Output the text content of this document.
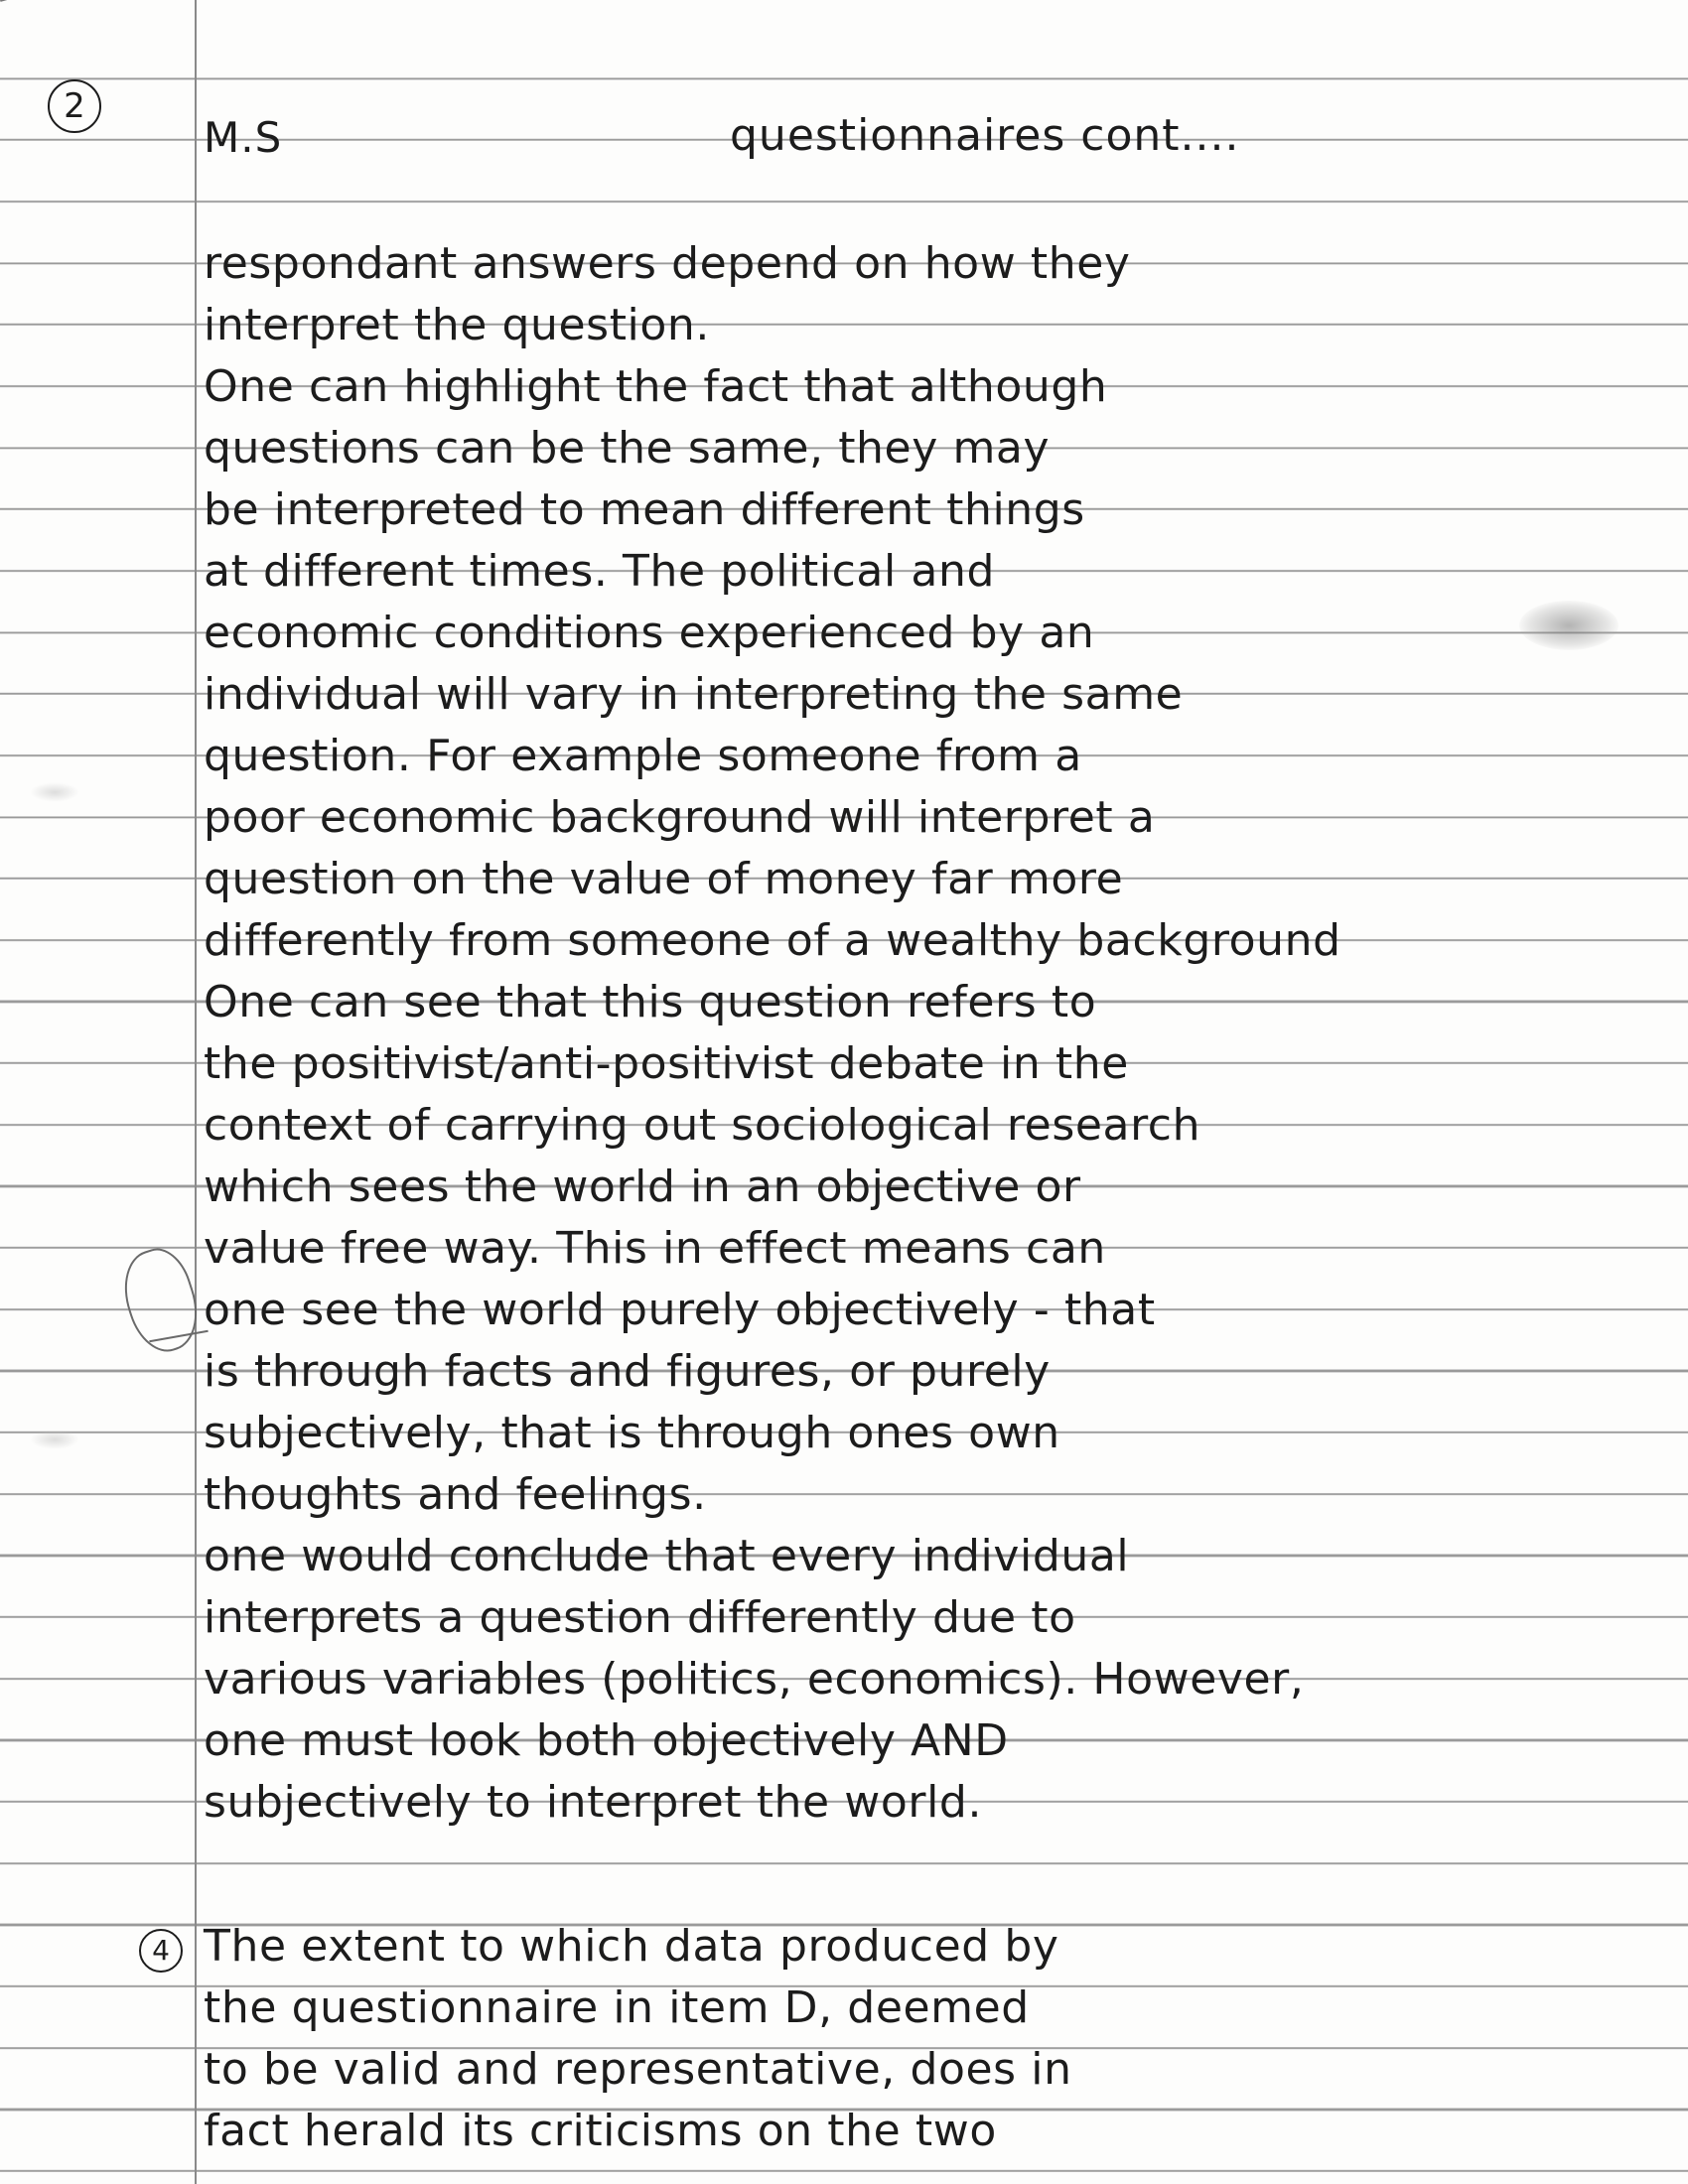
2
M.S	questionnaires cont....
respondant answers depend on how they
interpret the question.
One can highlight the fact that although
questions can be the same, they may
be interpreted to mean different things
at different times. The political and
economic conditions experienced by an
individual will vary in interpreting the same
question. For example someone from a
poor economic background will interpret a
question on the value of money far more
differently from someone of a wealthy background
One can see that this question refers to
the positivist/anti-positivist debate in the
context of carrying out sociological research
which sees the world in an objective or
value free way. This in effect means can
one see the world purely objectively - that
is through facts and figures, or purely
subjectively, that is through ones own
thoughts and feelings.
one would conclude that every individual
interprets a question differently due to
various variables (politics, economics). However,
one must look both objectively AND
subjectively to interpret the world.
4 The extent to which data produced by
the questionnaire in item D, deemed
to be valid and representative, does in
fact herald its criticisms on the two
